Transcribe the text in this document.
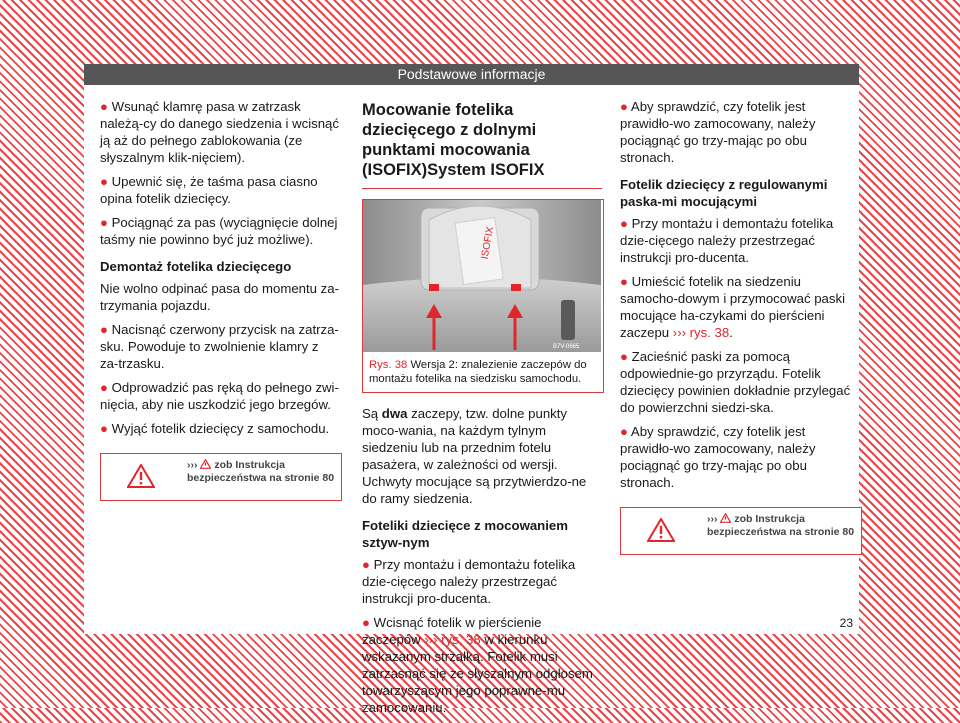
Podstawowe informacje

● Wsunąć klamrę pasa w zatrzask należą-cy do danego siedzenia i wcisnąć ją aż do pełnego zablokowania (ze słyszalnym klik-nięciem).

● Upewnić się, że taśma pasa ciasno opina fotelik dziecięcy.

● Pociągnąć za pas (wyciągnięcie dolnej taśmy nie powinno być już możliwe).

Demontaż fotelika dziecięcego

Nie wolno odpinać pasa do momentu za-trzymania pojazdu.

● Nacisnąć czerwony przycisk na zatrza-sku. Powoduje to zwolnienie klamry z za-trzasku.

● Odprowadzić pas ręką do pełnego zwi-nięcia, aby nie uszkodzić jego brzegów.

● Wyjąć fotelik dziecięcy z samochodu.

››› zob Instrukcja bezpieczeństwa na stronie 80
Mocowanie fotelika dziecięcego z dolnymi punktami mocowania (ISOFIX)System ISOFIX
ISOFIX
B7V-0665
Rys. 38 Wersja 2: znalezienie zaczepów do montażu fotelika na siedzisku samochodu.

Są dwa zaczepy, tzw. dolne punkty moco-wania, na każdym tylnym siedzeniu lub na przednim fotelu pasażera, w zależności od wersji. Uchwyty mocujące są przytwierdzo-ne do ramy siedzenia.

Foteliki dziecięce z mocowaniem sztyw-nym

● Przy montażu i demontażu fotelika dzie-cięcego należy przestrzegać instrukcji pro-ducenta.

● Wcisnąć fotelik w pierścienie zaczepów ››› rys. 38 w kierunku wskazanym strzałką. Fotelik musi zatrzasnąć się ze słyszalnym odgłosem towarzyszącym jego poprawne-mu zamocowaniu.

● Aby sprawdzić, czy fotelik jest prawidło-wo zamocowany, należy pociągnąć go trzy-mając po obu stronach.

Fotelik dziecięcy z regulowanymi paska-mi mocującymi

● Przy montażu i demontażu fotelika dzie-cięcego należy przestrzegać instrukcji pro-ducenta.

● Umieścić fotelik na siedzeniu samocho-dowym i przymocować paski mocujące ha-czykami do pierścieni zaczepu ››› rys. 38.

● Zacieśnić paski za pomocą odpowiednie-go przyrządu. Fotelik dziecięcy powinien dokładnie przylegać do powierzchni siedzi-ska.

● Aby sprawdzić, czy fotelik jest prawidło-wo zamocowany, należy pociągnąć go trzy-mając po obu stronach.

››› zob Instrukcja bezpieczeństwa na stronie 80
23
